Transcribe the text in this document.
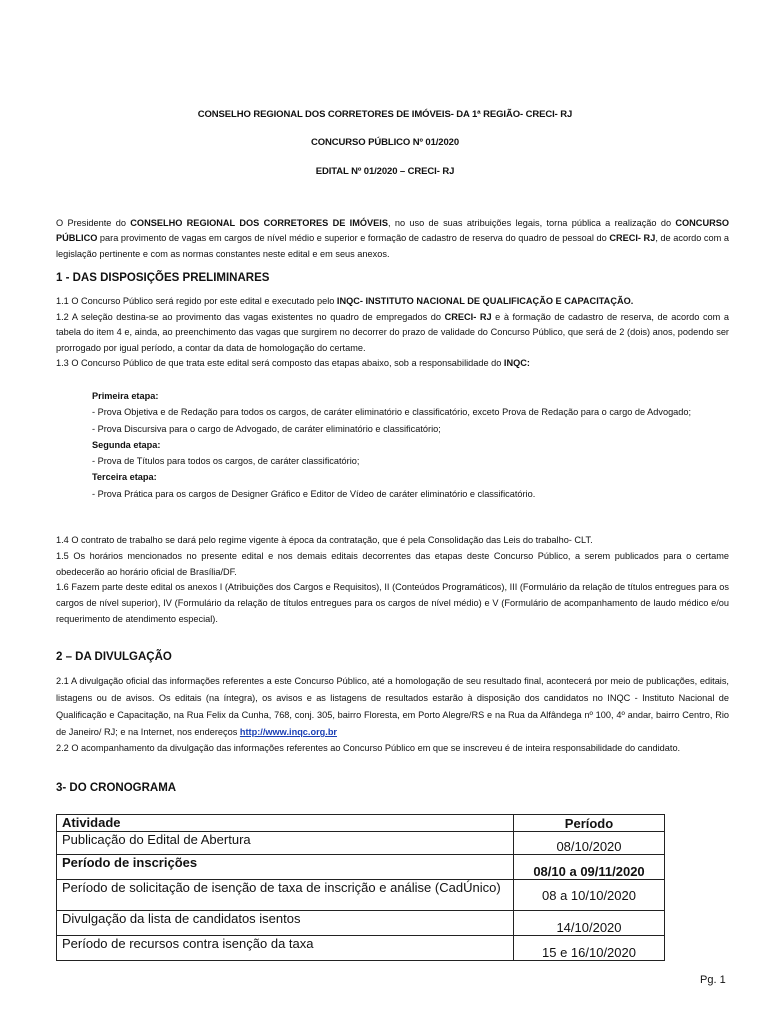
CONSELHO REGIONAL DOS CORRETORES DE IMÓVEIS- DA 1ª REGIÃO- CRECI- RJ
CONCURSO PÚBLICO Nº 01/2020
EDITAL Nº 01/2020 – CRECI- RJ
O Presidente do CONSELHO REGIONAL DOS CORRETORES DE IMÓVEIS, no uso de suas atribuições legais, torna pública a realização do CONCURSO PÚBLICO para provimento de vagas em cargos de nível médio e superior e formação de cadastro de reserva do quadro de pessoal do CRECI- RJ, de acordo com a legislação pertinente e com as normas constantes neste edital e em seus anexos.
1 - DAS DISPOSIÇÕES PRELIMINARES
1.1 O Concurso Público será regido por este edital e executado pelo INQC- INSTITUTO NACIONAL DE QUALIFICAÇÃO E CAPACITAÇÃO.
1.2 A seleção destina-se ao provimento das vagas existentes no quadro de empregados do CRECI- RJ e à formação de cadastro de reserva, de acordo com a tabela do item 4 e, ainda, ao preenchimento das vagas que surgirem no decorrer do prazo de validade do Concurso Público, que será de 2 (dois) anos, podendo ser prorrogado por igual período, a contar da data de homologação do certame.
1.3 O Concurso Público de que trata este edital será composto das etapas abaixo, sob a responsabilidade do INQC:
Primeira etapa:
- Prova Objetiva e de Redação para todos os cargos, de caráter eliminatório e classificatório, exceto Prova de Redação para o cargo de Advogado;
- Prova Discursiva para o cargo de Advogado, de caráter eliminatório e classificatório;
Segunda etapa:
- Prova de Títulos para todos os cargos, de caráter classificatório;
Terceira etapa:
- Prova Prática para os cargos de Designer Gráfico e Editor de Vídeo de caráter eliminatório e classificatório.
1.4 O contrato de trabalho se dará pelo regime vigente à época da contratação, que é pela Consolidação das Leis do trabalho- CLT.
1.5 Os horários mencionados no presente edital e nos demais editais decorrentes das etapas deste Concurso Público, a serem publicados para o certame obedecerão ao horário oficial de Brasília/DF.
1.6 Fazem parte deste edital os anexos I (Atribuições dos Cargos e Requisitos), II (Conteúdos Programáticos), III (Formulário da relação de títulos entregues para os cargos de nível superior), IV (Formulário da relação de títulos entregues para os cargos de nível médio) e V (Formulário de acompanhamento de laudo médico e/ou requerimento de atendimento especial).
2 – DA DIVULGAÇÃO
2.1 A divulgação oficial das informações referentes a este Concurso Público, até a homologação de seu resultado final, acontecerá por meio de publicações, editais, listagens ou de avisos. Os editais (na íntegra), os avisos e as listagens de resultados estarão à disposição dos candidatos no INQC - Instituto Nacional de Qualificação e Capacitação, na Rua Felix da Cunha, 768, conj. 305, bairro Floresta, em Porto Alegre/RS e na Rua da Alfândega nº 100, 4º andar, bairro Centro, Rio de Janeiro/ RJ; e na Internet, nos endereços http://www.inqc.org.br
2.2 O acompanhamento da divulgação das informações referentes ao Concurso Público em que se inscreveu é de inteira responsabilidade do candidato.
3- DO CRONOGRAMA
Atividade	Período
Publicação do Edital de Abertura	08/10/2020
Período de inscrições	08/10 a 09/11/2020
Período de solicitação de isenção de taxa de inscrição e análise (CadÚnico)	08 a 10/10/2020
Divulgação da lista de candidatos isentos	14/10/2020
Período de recursos contra isenção da taxa	15 e 16/10/2020
Pg. 1
